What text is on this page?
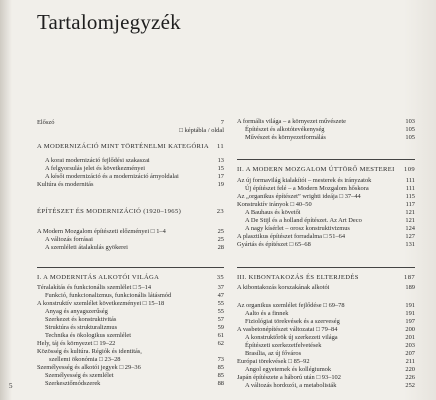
Tartalomjegyzék
Előszó	7
□ képtábla / oldal
A MODERNIZÁCIÓ MINT TÖRTÉNELMI KATEGÓRIA 11
A korai modernizáció fejlődési szakaszai	13
A felgyorsulás jelei és következményei	15
A késői modernizáció és a modernizáció árnyoldalai	17
Kultúra és modernitás	19
ÉPÍTÉSZET ÉS MODERNIZÁCIÓ (1920–1965)	23
A Modern Mozgalom építészeti előzményei □ 1–4	25
A változás forrásai	25
A szemléleti átalakulás gyökerei	28
I. A MODERNITÁS ALKOTÓI VILÁGA	35
Téralakítás és funkcionális szemlélet □ 5–14	37
Funkció, funkcionalizmus, funkcionális látásmód	47
A konstruktív szemlélet következményei □ 15–18	55
Anyag és anyagszerűség	55
Szerkezet és konstruktivitás	57
Struktúra és strukturalizmus	59
Technika és ökologikus szemlélet	61
Hely, táj és környezet □ 19–22	62
Közösség és kultúra. Régiók és identitás,
szellemi ökonómia □ 23–28	73
Személyesség és alkotói jegyek □ 29–36	85
Személyesség és szemlélet	85
Szerkesztőmódszerek	88
A formális világa – a környezet művészete	103
Építészet és alkotótevékenység	105
Művészet és környezetformálás	105
II. A MODERN MOZGALOM ÚTTÖRŐ MESTEREI 109
Az új formavilág kialakítói – mesterek és irányzatok	111
Új építészet felé – a Modern Mozgalom hőskora	111
Az „organikus építészet” wrighti ideája □ 37–44	115
Konstruktív irányok □ 40–50	117
A Bauhaus és követői	121
A De Stijl és a holland építészet. Az Art Deco	121
A nagy kísérlet – orosz konstruktivizmus	124
A plasztikus építészet forradalma □ 51–64	127
Gyártás és építészet □ 65–68	131
III. KIBONTAKOZÁS ÉS ELTERJEDÉS	187
A kibontakozás korszakának alkotói	189
Az organikus szemlélet fejlődése □ 69–78	191
Aalto és a finnek	191
Fiziológiai törekvések és a szerveség	197
A vasbetonépítészet változatai □ 79–84	200
A konstruktőrök új szerkezeti világa	201
Építészeti szerkezetfelvetések	203
Brasília, az új főváros	207
Európai törekvések □ 85–92	211
Angol egyetemek és kollégiumok	220
Japán építészete a háború után □ 93–102	226
A változás hordozói, a metabolisták	252
5
